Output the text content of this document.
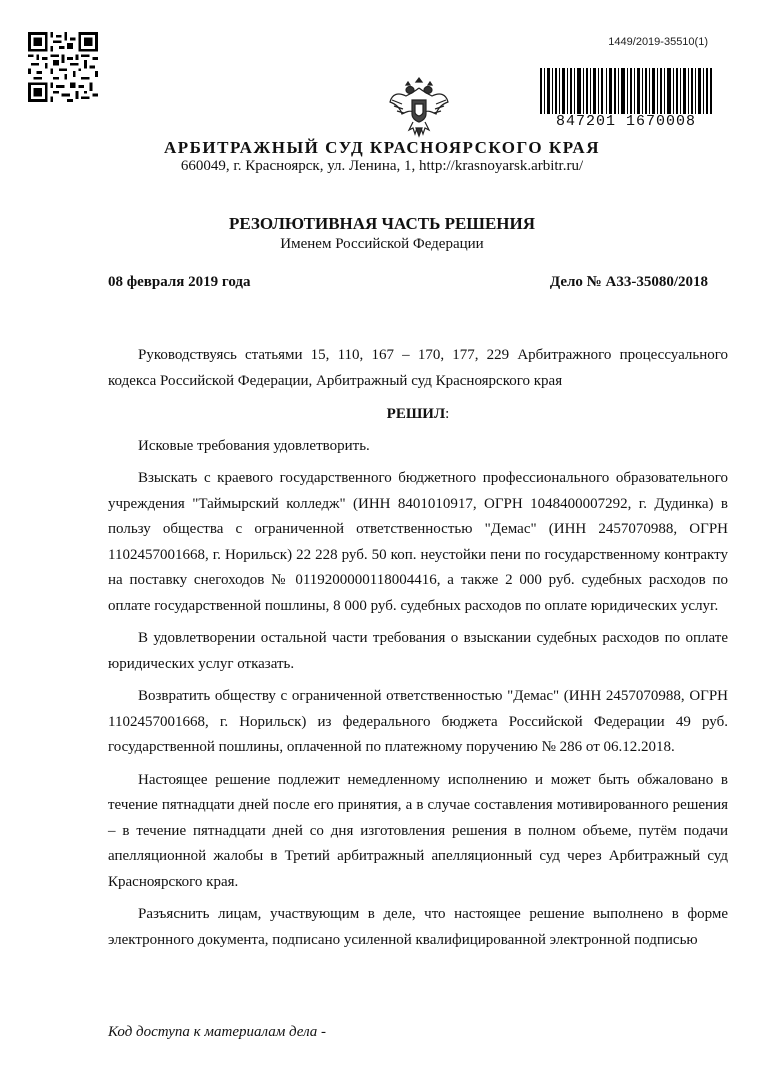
1449/2019-35510(1)
847201 1670008
АРБИТРАЖНЫЙ СУД КРАСНОЯРСКОГО КРАЯ
660049, г. Красноярск, ул. Ленина, 1, http://krasnoyarsk.arbitr.ru/
РЕЗОЛЮТИВНАЯ ЧАСТЬ РЕШЕНИЯ
Именем Российской Федерации
08 февраля 2019 года	Дело № А33-35080/2018

Руководствуясь статьями 15, 110, 167 – 170, 177, 229 Арбитражного процессуального кодекса Российской Федерации, Арбитражный суд Красноярского края

РЕШИЛ:

Исковые требования удовлетворить.

Взыскать с краевого государственного бюджетного профессионального образовательного учреждения "Таймырский колледж" (ИНН 8401010917, ОГРН 1048400007292, г. Дудинка) в пользу общества с ограниченной ответственностью "Демас" (ИНН 2457070988, ОГРН 1102457001668, г. Норильск) 22 228 руб. 50 коп. неустойки пени по государственному контракту на поставку снегоходов № 0119200000118004416, а также 2 000 руб. судебных расходов по оплате государственной пошлины, 8 000 руб. судебных расходов по оплате юридических услуг.

В удовлетворении остальной части требования о взыскании судебных расходов по оплате юридических услуг отказать.

Возвратить обществу с ограниченной ответственностью "Демас" (ИНН 2457070988, ОГРН 1102457001668, г. Норильск) из федерального бюджета Российской Федерации 49 руб. государственной пошлины, оплаченной по платежному поручению № 286 от 06.12.2018.

Настоящее решение подлежит немедленному исполнению и может быть обжаловано в течение пятнадцати дней после его принятия, а в случае составления мотивированного решения – в течение пятнадцати дней со дня изготовления решения в полном объеме, путём подачи апелляционной жалобы в Третий арбитражный апелляционный суд через Арбитражный суд Красноярского края.

Разъяснить лицам, участвующим в деле, что настоящее решение выполнено в форме электронного документа, подписано усиленной квалифицированной электронной подписью

Код доступа к материалам дела -
